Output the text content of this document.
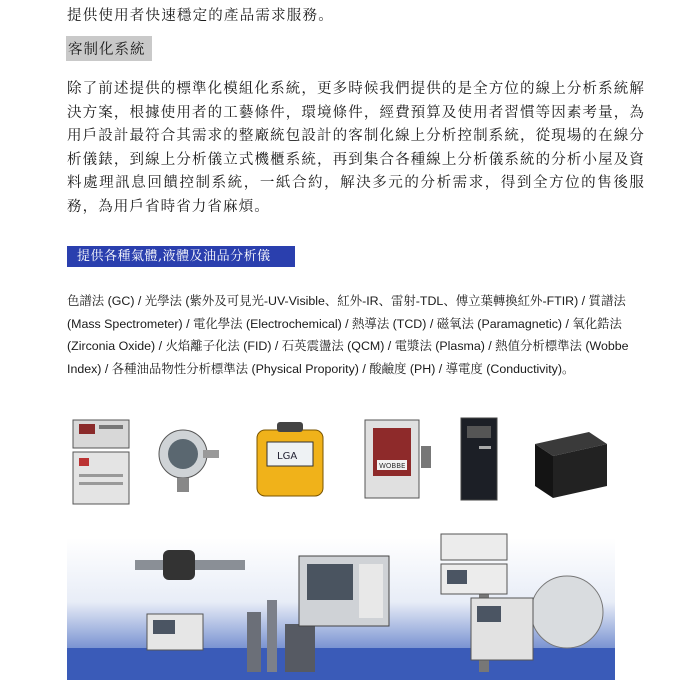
提供使用者快速穩定的產品需求服務。
客制化系統
除了前述提供的標準化模組化系統，更多時候我們提供的是全方位的線上分析系統解決方案，根據使用者的工藝條件，環境條件，經費預算及使用者習慣等因素考量，為用戶設計最符合其需求的整廠統包設計的客制化線上分析控制系統，從現場的在線分析儀錶，到線上分析儀立式機櫃系統，再到集合各種線上分析儀系統的分析小屋及資料處理訊息回饋控制系統，一紙合約，解決多元的分析需求，得到全方位的售後服務，為用戶省時省力省麻煩。
提供各種氣體,液體及油品分析儀
色譜法 (GC) / 光學法 (紫外及可見光-UV-Visible、紅外-IR、雷射-TDL、傅立葉轉換紅外-FTIR) / 質譜法 (Mass Spectrometer) / 電化學法 (Electrochemical) / 熱導法 (TCD) / 磁氧法 (Paramagnetic) / 氧化鋯法 (Zirconia Oxide) / 火焰離子化法 (FID) / 石英震盪法 (QCM) / 電漿法 (Plasma) / 熱值分析標準法 (Wobbe Index) / 各種油品物性分析標準法 (Physical Propority) / 酸鹼度 (PH) / 導電度 (Conductivity)。
LGA
WOBBE
